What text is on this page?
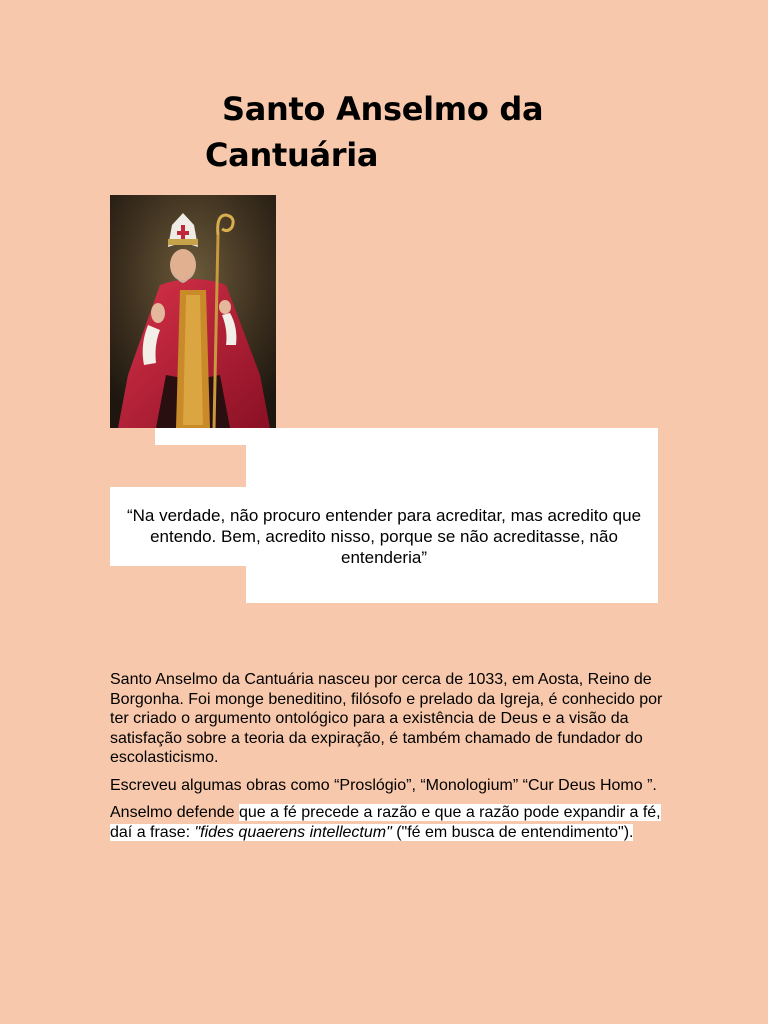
Santo Anselmo da
Cantuária
“Na verdade, não procuro entender para acreditar, mas acredito que entendo. Bem, acredito nisso, porque se não acreditasse, não entenderia”

Santo Anselmo da Cantuária nasceu por cerca de 1033, em Aosta, Reino de Borgonha. Foi monge beneditino, filósofo e prelado da Igreja, é conhecido por ter criado o argumento ontológico para a existência de Deus e a visão da satisfação sobre a teoria da expiração, é também chamado de fundador do escolasticismo.

Escreveu algumas obras como “Proslógio”, “Monologium” “Cur Deus Homo ”.

Anselmo defende que a fé precede a razão e que a razão pode expandir a fé, daí a frase: "fides quaerens intellectum" ("fé em busca de entendimento").
